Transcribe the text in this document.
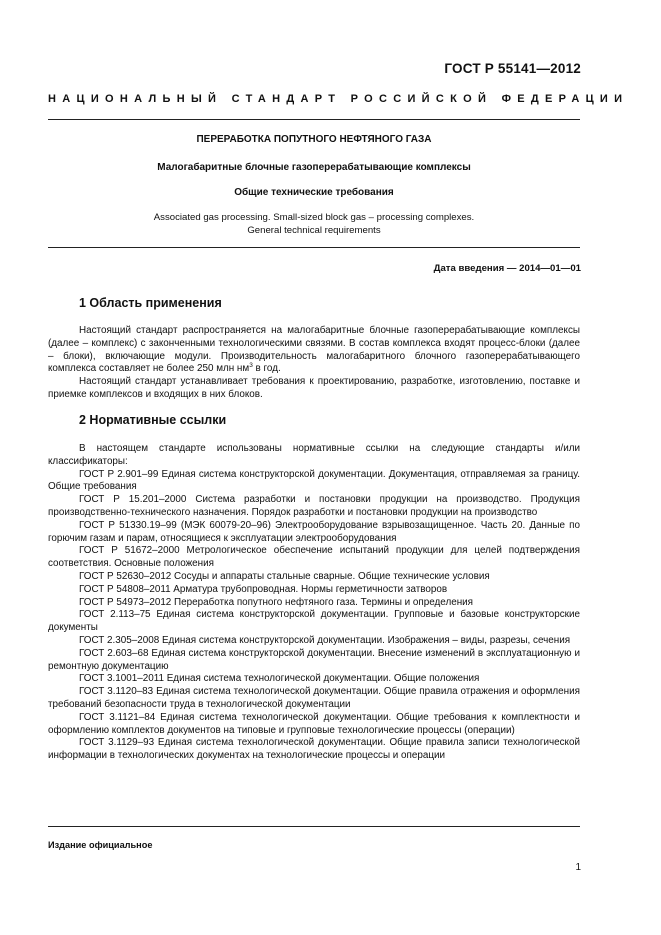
ГОСТ Р 55141—2012
НАЦИОНАЛЬНЫЙ СТАНДАРТ РОССИЙСКОЙ ФЕДЕРАЦИИ
ПЕРЕРАБОТКА ПОПУТНОГО НЕФТЯНОГО ГАЗА
Малогабаритные блочные газоперерабатывающие комплексы
Общие технические требования
Associated gas processing. Small-sized block gas – processing complexes.
General technical requirements
Дата введения — 2014—01—01
1 Область применения

Настоящий стандарт распространяется на малогабаритные блочные газоперерабатывающие комплексы (далее – комплекс) с законченными технологическими связями. В состав комплекса входят процесс-блоки (далее – блоки), включающие модули. Производительность малогабаритного блочного газоперерабатывающего комплекса составляет не более 250 млн $нм^3$ в год.

Настоящий стандарт устанавливает требования к проектированию, разработке, изготовлению, поставке и приемке комплексов и входящих в них блоков.

2 Нормативные ссылки

В настоящем стандарте использованы нормативные ссылки на следующие стандарты и/или классификаторы:

ГОСТ Р 2.901–99 Единая система конструкторской документации. Документация, отправляемая за границу. Общие требования

ГОСТ Р 15.201–2000 Система разработки и постановки продукции на производство. Продукция производственно-технического назначения. Порядок разработки и постановки продукции на производство

ГОСТ Р 51330.19–99 (МЭК 60079-20–96) Электрооборудование взрывозащищенное. Часть 20. Данные по горючим газам и парам, относящиеся к эксплуатации электрооборудования

ГОСТ Р 51672–2000 Метрологическое обеспечение испытаний продукции для целей подтверждения соответствия. Основные положения

ГОСТ Р 52630–2012 Сосуды и аппараты стальные сварные. Общие технические условия

ГОСТ Р 54808–2011 Арматура трубопроводная. Нормы герметичности затворов

ГОСТ Р 54973–2012 Переработка попутного нефтяного газа. Термины и определения

ГОСТ 2.113–75 Единая система конструкторской документации. Групповые и базовые конструкторские документы

ГОСТ 2.305–2008 Единая система конструкторской документации. Изображения – виды, разрезы, сечения

ГОСТ 2.603–68 Единая система конструкторской документации. Внесение изменений в эксплуатационную и ремонтную документацию

ГОСТ 3.1001–2011 Единая система технологической документации. Общие положения

ГОСТ 3.1120–83 Единая система технологической документации. Общие правила отражения и оформления требований безопасности труда в технологической документации

ГОСТ 3.1121–84 Единая система технологической документации. Общие требования к комплектности и оформлению комплектов документов на типовые и групповые технологические процессы (операции)

ГОСТ 3.1129–93 Единая система технологической документации. Общие правила записи технологической информации в технологических документах на технологические процессы и операции

Издание официальное
1
